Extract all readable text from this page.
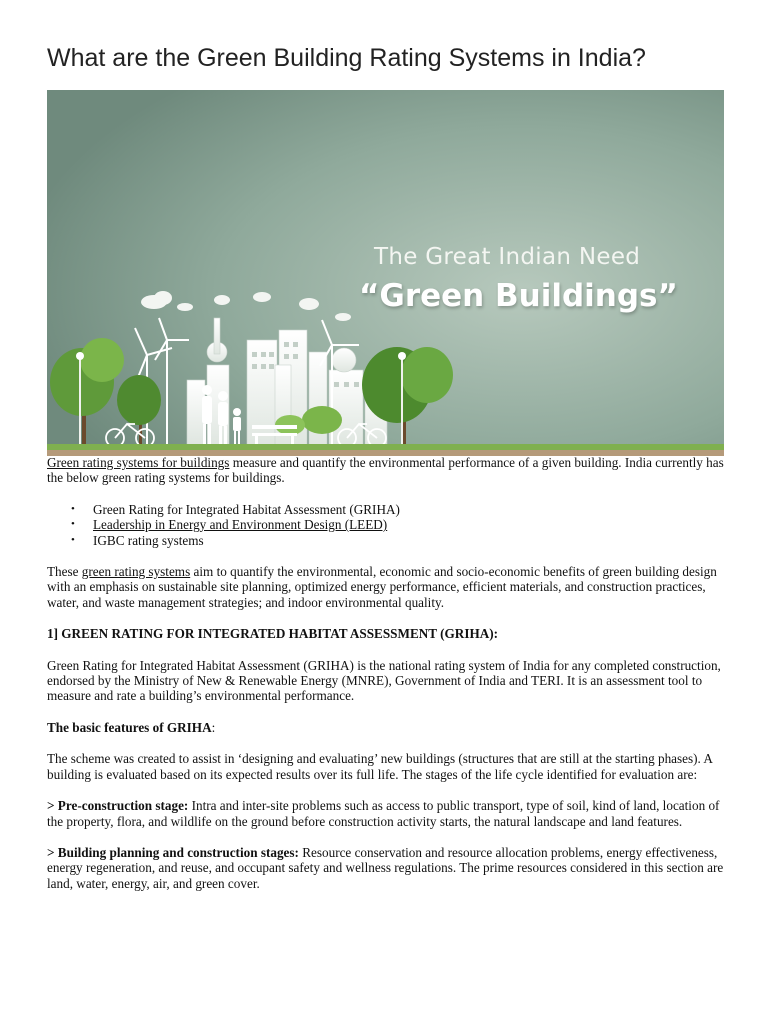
What are the Green Building Rating Systems in India?
The Great Indian Need
“Green Buildings”

Green rating systems for buildings measure and quantify the environmental performance of a given building. India currently has the below green rating systems for buildings.

• Green Rating for Integrated Habitat Assessment (GRIHA)
• Leadership in Energy and Environment Design (LEED)
• IGBC rating systems

These green rating systems aim to quantify the environmental, economic and socio-economic benefits of green building design with an emphasis on sustainable site planning, optimized energy performance, efficient materials, and construction practices, water, and waste management strategies; and indoor environmental quality.

1] GREEN RATING FOR INTEGRATED HABITAT ASSESSMENT (GRIHA):

Green Rating for Integrated Habitat Assessment (GRIHA) is the national rating system of India for any completed construction, endorsed by the Ministry of New & Renewable Energy (MNRE), Government of India and TERI. It is an assessment tool to measure and rate a building’s environmental performance.

The basic features of GRIHA:

The scheme was created to assist in ‘designing and evaluating’ new buildings (structures that are still at the starting phases). A building is evaluated based on its expected results over its full life. The stages of the life cycle identified for evaluation are:

> Pre-construction stage: Intra and inter-site problems such as access to public transport, type of soil, kind of land, location of the property, flora, and wildlife on the ground before construction activity starts, the natural landscape and land features.

> Building planning and construction stages: Resource conservation and resource allocation problems, energy effectiveness, energy regeneration, and reuse, and occupant safety and wellness regulations. The prime resources considered in this section are land, water, energy, air, and green cover.
